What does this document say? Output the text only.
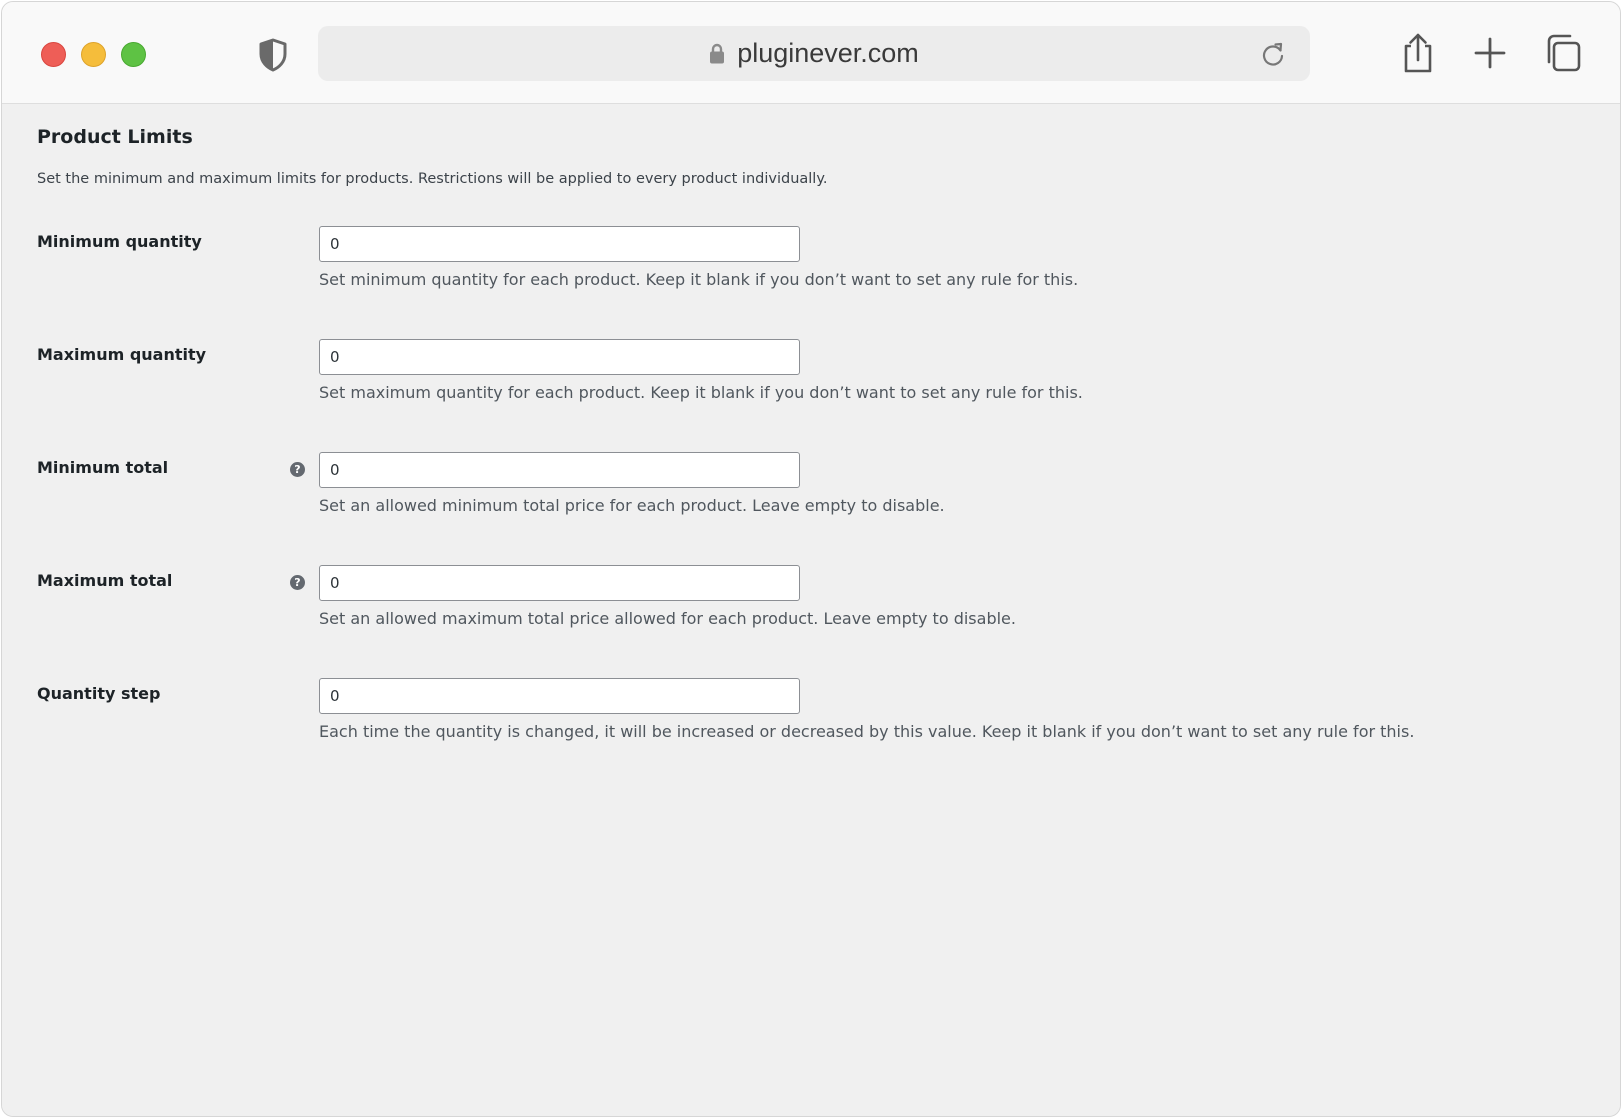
pluginever.com
Product Limits
Set the minimum and maximum limits for products. Restrictions will be applied to every product individually.
Minimum quantity
0
Set minimum quantity for each product. Keep it blank if you don’t want to set any rule for this.
Maximum quantity
0
Set maximum quantity for each product. Keep it blank if you don’t want to set any rule for this.
Minimum total	?
0
Set an allowed minimum total price for each product. Leave empty to disable.
Maximum total	?
0
Set an allowed maximum total price allowed for each product. Leave empty to disable.
Quantity step
0
Each time the quantity is changed, it will be increased or decreased by this value. Keep it blank if you don’t want to set any rule for this.
